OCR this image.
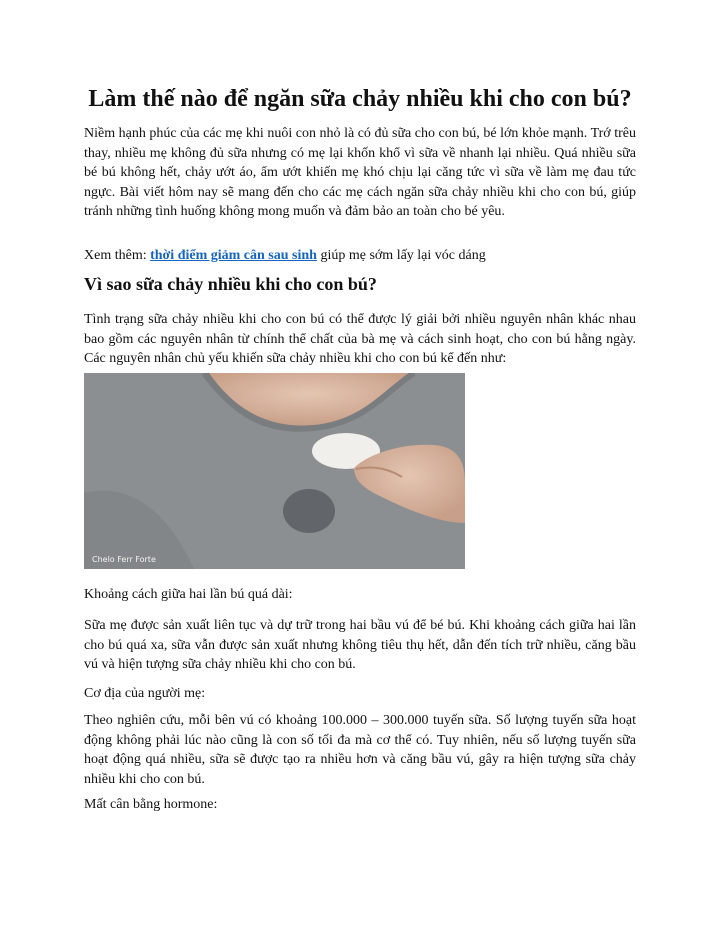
Làm thế nào để ngăn sữa chảy nhiều khi cho con bú?

Niềm hạnh phúc của các mẹ khi nuôi con nhỏ là có đủ sữa cho con bú, bé lớn khỏe mạnh. Trớ trêu thay, nhiều mẹ không đủ sữa nhưng có mẹ lại khốn khổ vì sữa về nhanh lại nhiều. Quá nhiều sữa bé bú không hết, chảy ướt áo, ẩm ướt khiến mẹ khó chịu lại căng tức vì sữa về làm mẹ đau tức ngực. Bài viết hôm nay sẽ mang đến cho các mẹ cách ngăn sữa chảy nhiều khi cho con bú, giúp tránh những tình huống không mong muốn và đảm bảo an toàn cho bé yêu.

Xem thêm: thời điểm giảm cân sau sinh giúp mẹ sớm lấy lại vóc dáng

Vì sao sữa chảy nhiều khi cho con bú?

Tình trạng sữa chảy nhiều khi cho con bú có thể được lý giải bởi nhiều nguyên nhân khác nhau bao gồm các nguyên nhân từ chính thể chất của bà mẹ và cách sinh hoạt, cho con bú hằng ngày. Các nguyên nhân chủ yếu khiến sữa chảy nhiều khi cho con bú kể đến như:

Chelo Ferr Forte

Khoảng cách giữa hai lần bú quá dài:

Sữa mẹ được sản xuất liên tục và dự trữ trong hai bầu vú để bé bú. Khi khoảng cách giữa hai lần cho bú quá xa, sữa vẫn được sản xuất nhưng không tiêu thụ hết, dẫn đến tích trữ nhiều, căng bầu vú và hiện tượng sữa chảy nhiều khi cho con bú.

Cơ địa của người mẹ:

Theo nghiên cứu, mỗi bên vú có khoảng 100.000 – 300.000 tuyến sữa. Số lượng tuyến sữa hoạt động không phải lúc nào cũng là con số tối đa mà cơ thể có. Tuy nhiên, nếu số lượng tuyến sữa hoạt động quá nhiều, sữa sẽ được tạo ra nhiều hơn và căng bầu vú, gây ra hiện tượng sữa chảy nhiều khi cho con bú.

Mất cân bằng hormone:
